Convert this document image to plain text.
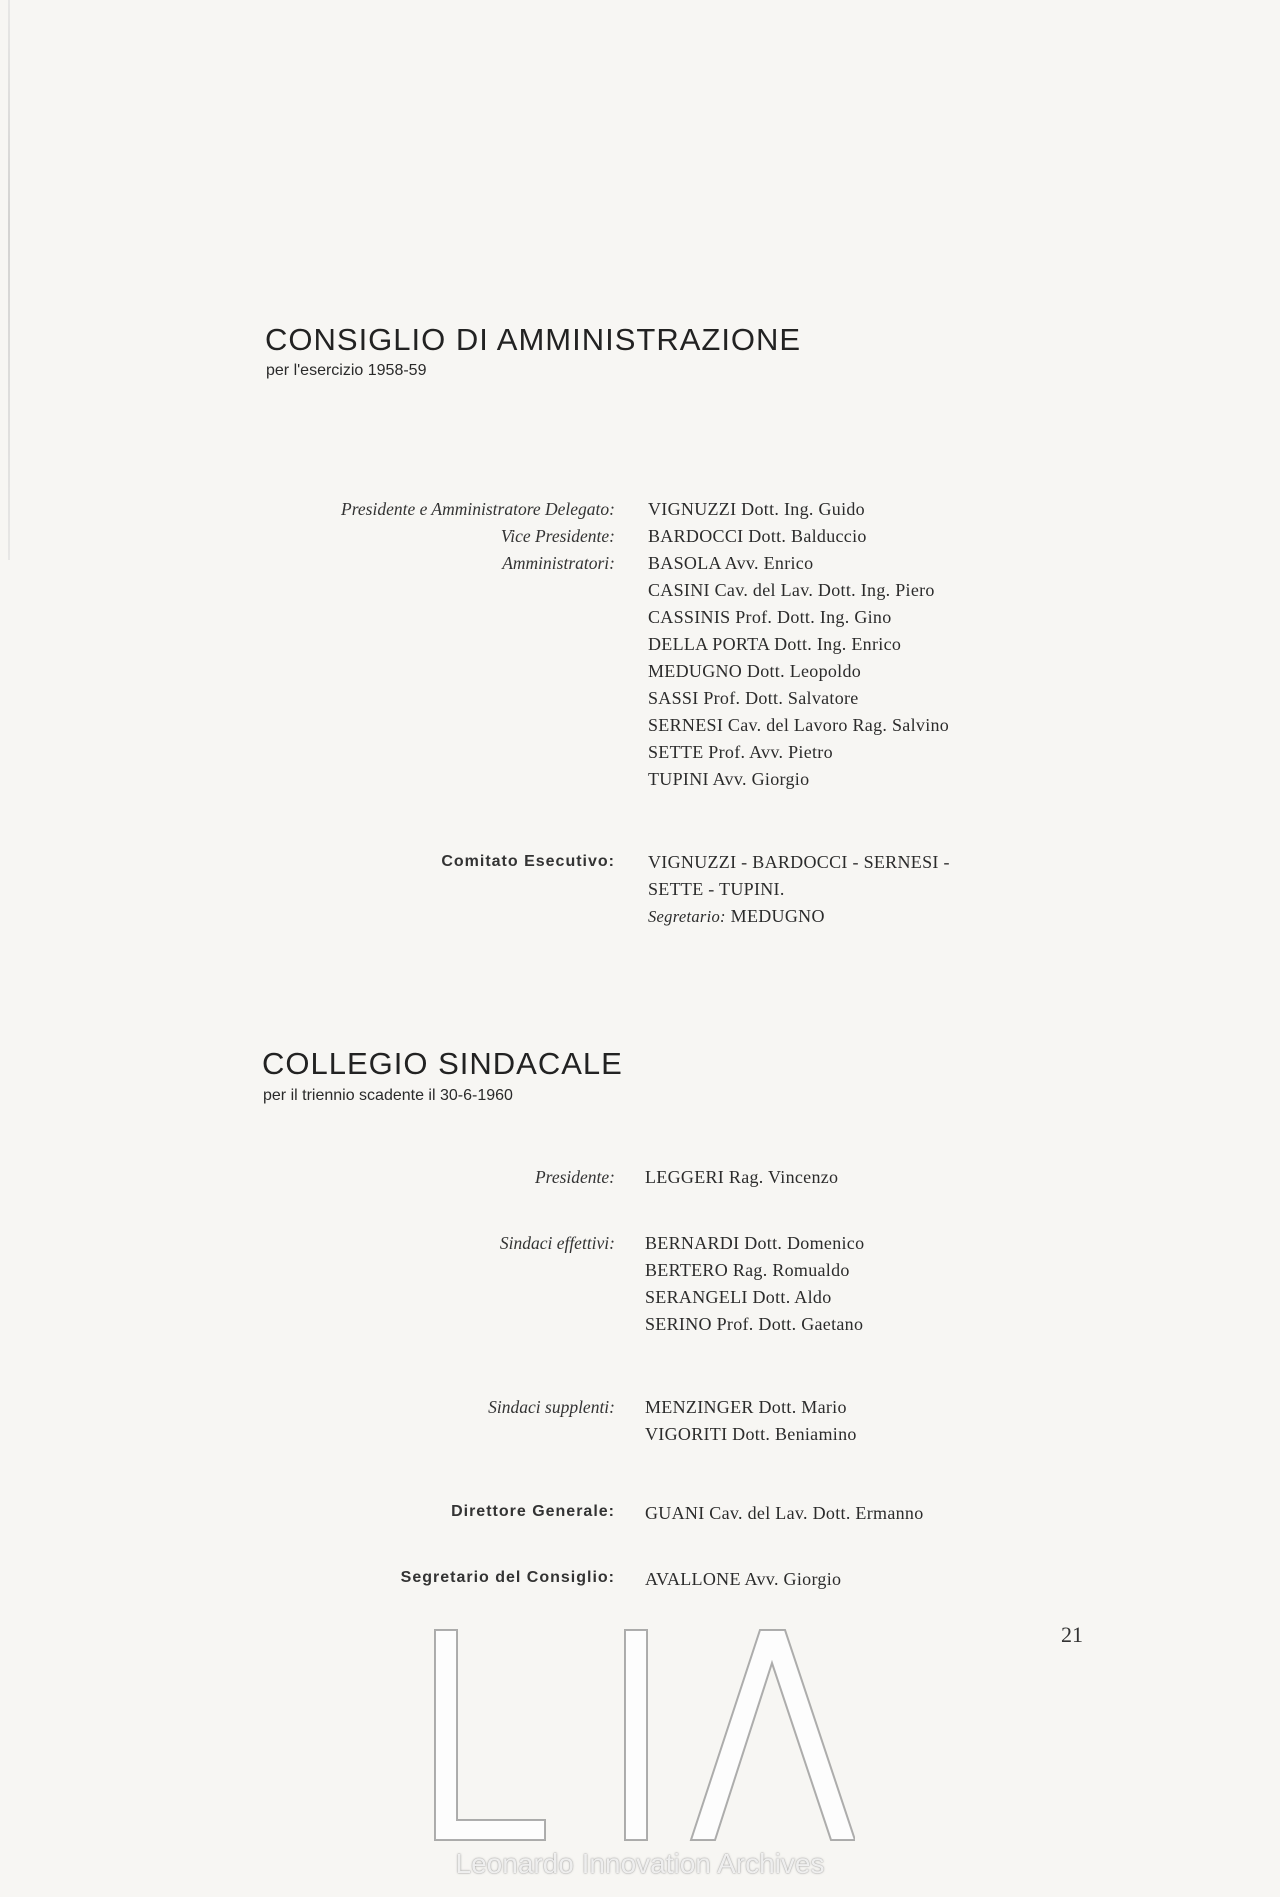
CONSIGLIO DI AMMINISTRAZIONE
per l'esercizio 1958-59
Presidente e Amministratore Delegato:
Vice Presidente:
Amministratori:
VIGNUZZI Dott. Ing. Guido
BARDOCCI Dott. Balduccio
BASOLA Avv. Enrico
CASINI Cav. del Lav. Dott. Ing. Piero
CASSINIS Prof. Dott. Ing. Gino
DELLA PORTA Dott. Ing. Enrico
MEDUGNO Dott. Leopoldo
SASSI Prof. Dott. Salvatore
SERNESI Cav. del Lavoro Rag. Salvino
SETTE Prof. Avv. Pietro
TUPINI Avv. Giorgio
Comitato Esecutivo: VIGNUZZI - BARDOCCI - SERNESI -
SETTE - TUPINI.
Segretario: MEDUGNO
COLLEGIO SINDACALE
per il triennio scadente il 30-6-1960
Presidente: LEGGERI Rag. Vincenzo
Sindaci effettivi: BERNARDI Dott. Domenico
BERTERO Rag. Romualdo
SERANGELI Dott. Aldo
SERINO Prof. Dott. Gaetano
Sindaci supplenti: MENZINGER Dott. Mario
VIGORITI Dott. Beniamino
Direttore Generale: GUANI Cav. del Lav. Dott. Ermanno
Segretario del Consiglio: AVALLONE Avv. Giorgio
21
Leonardo Innovation Archives
